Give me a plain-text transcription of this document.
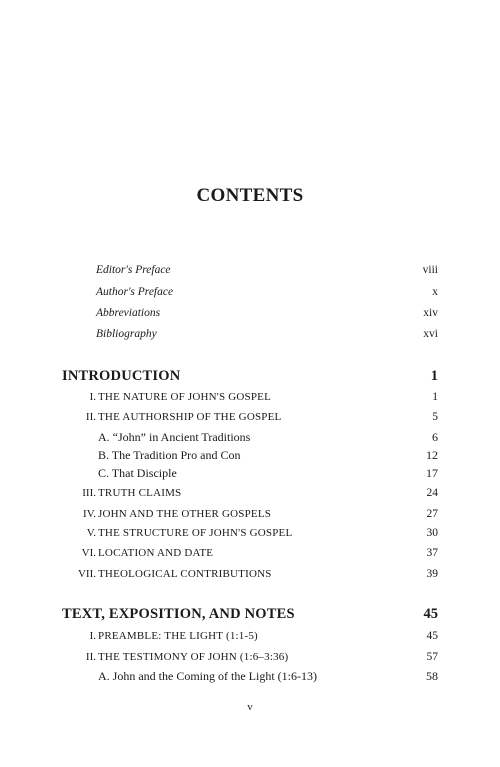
CONTENTS
Editor's Preface	viii
Author's Preface	x
Abbreviations	xiv
Bibliography	xvi
INTRODUCTION	1
I. THE NATURE OF JOHN'S GOSPEL	1
II. THE AUTHORSHIP OF THE GOSPEL	5
A. “John” in Ancient Traditions	6
B. The Tradition Pro and Con	12
C. That Disciple	17
III. TRUTH CLAIMS	24
IV. JOHN AND THE OTHER GOSPELS	27
V. THE STRUCTURE OF JOHN'S GOSPEL	30
VI. LOCATION AND DATE	37
VII. THEOLOGICAL CONTRIBUTIONS	39
TEXT, EXPOSITION, AND NOTES	45
I. PREAMBLE: THE LIGHT (1:1-5)	45
II. THE TESTIMONY OF JOHN (1:6–3:36)	57
A. John and the Coming of the Light (1:6-13)	58
v
